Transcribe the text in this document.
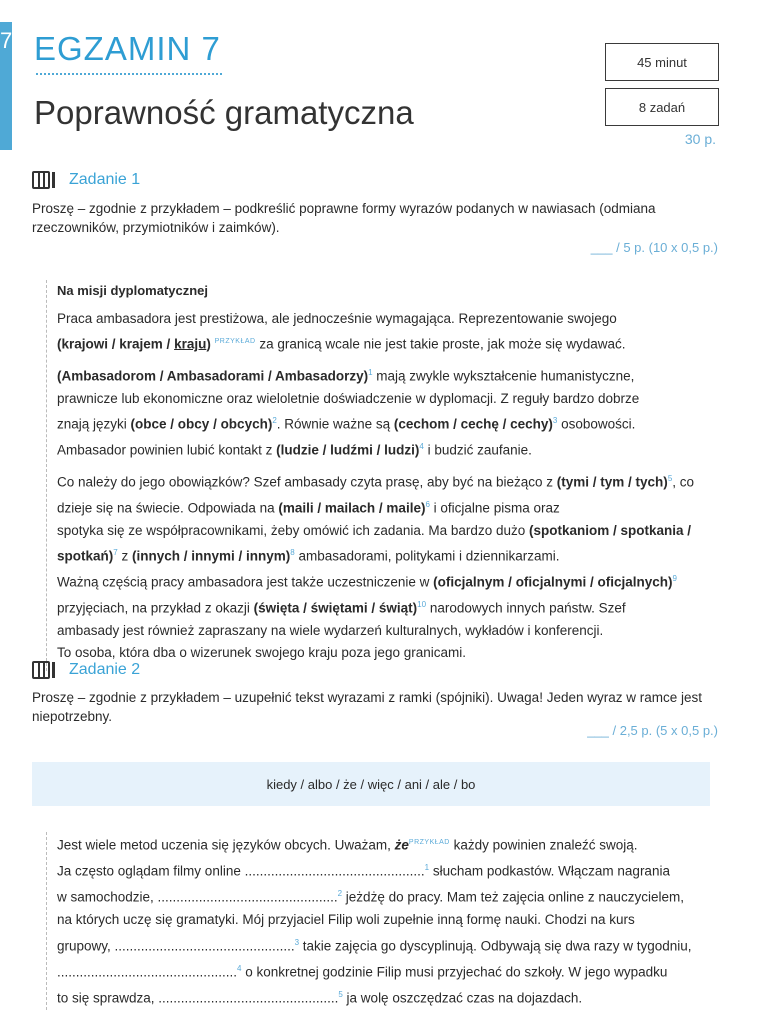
7 EGZAMIN 7
Poprawność gramatyczna
45 minut
8 zadań
30 p.
Zadanie 1
Proszę – zgodnie z przykładem – podkreślić poprawne formy wyrazów podanych w nawiasach (odmiana rzeczowników, przymiotników i zaimków).
___ / 5 p. (10 x 0,5 p.)
Na misji dyplomatycznej
Praca ambasadora jest prestiżowa, ale jednocześnie wymagająca. Reprezentowanie swojego
(krajowi / krajem / kraju) $^{PRZYKŁAD}$ za granicą wcale nie jest takie proste, jak może się wydawać.
(Ambasadorom / Ambasadorami / Ambasadorzy)$^1$ mają zwykle wykształcenie humanistyczne,
prawnicze lub ekonomiczne oraz wieloletnie doświadczenie w dyplomacji. Z reguły bardzo dobrze
znają języki (obce / obcy / obcych)$^2$. Równie ważne są (cechom / cechę / cechy)$^3$ osobowości.
Ambasador powinien lubić kontakt z (ludzie / ludźmi / ludzi)$^4$ i budzić zaufanie.
Co należy do jego obowiązków? Szef ambasady czyta prasę, aby być na bieżąco z (tymi / tym / tych)$^5$, co dzieje się na świecie. Odpowiada na (maili / mailach / maile)$^6$ i oficjalne pisma oraz
spotyka się ze współpracownikami, żeby omówić ich zadania. Ma bardzo dużo (spotkaniom / spotkania / spotkań)$^7$ z (innych / innymi / innym)$^8$ ambasadorami, politykami i dziennikarzami.
Ważną częścią pracy ambasadora jest także uczestniczenie w (oficjalnym / oficjalnymi / oficjalnych)$^9$
przyjęciach, na przykład z okazji (święta / świętami / świąt)$^{10}$ narodowych innych państw. Szef
ambasady jest również zapraszany na wiele wydarzeń kulturalnych, wykładów i konferencji.
To osoba, która dba o wizerunek swojego kraju poza jego granicami.
Zadanie 2
Proszę – zgodnie z przykładem – uzupełnić tekst wyrazami z ramki (spójniki). Uwaga! Jeden wyraz w ramce jest niepotrzebny.
___ / 2,5 p. (5 x 0,5 p.)
kiedy / albo / że / więc / ani / ale / bo
Jest wiele metod uczenia się języków obcych. Uważam, $że^{PRZYKŁAD}$ każdy powinien znaleźć swoją.
Ja często oglądam filmy online ................................................$^1$ słucham podkastów. Włączam nagrania
w samochodzie, ................................................$^2$ jeżdżę do pracy. Mam też zajęcia online z nauczycielem,
na których uczę się gramatyki. Mój przyjaciel Filip woli zupełnie inną formę nauki. Chodzi na kurs
grupowy, ................................................$^3$ takie zajęcia go dyscyplinują. Odbywają się dwa razy w tygodniu,
................................................$^4$ o konkretnej godzinie Filip musi przyjechać do szkoły. W jego wypadku
to się sprawdza, ................................................$^5$ ja wolę oszczędzać czas na dojazdach.
